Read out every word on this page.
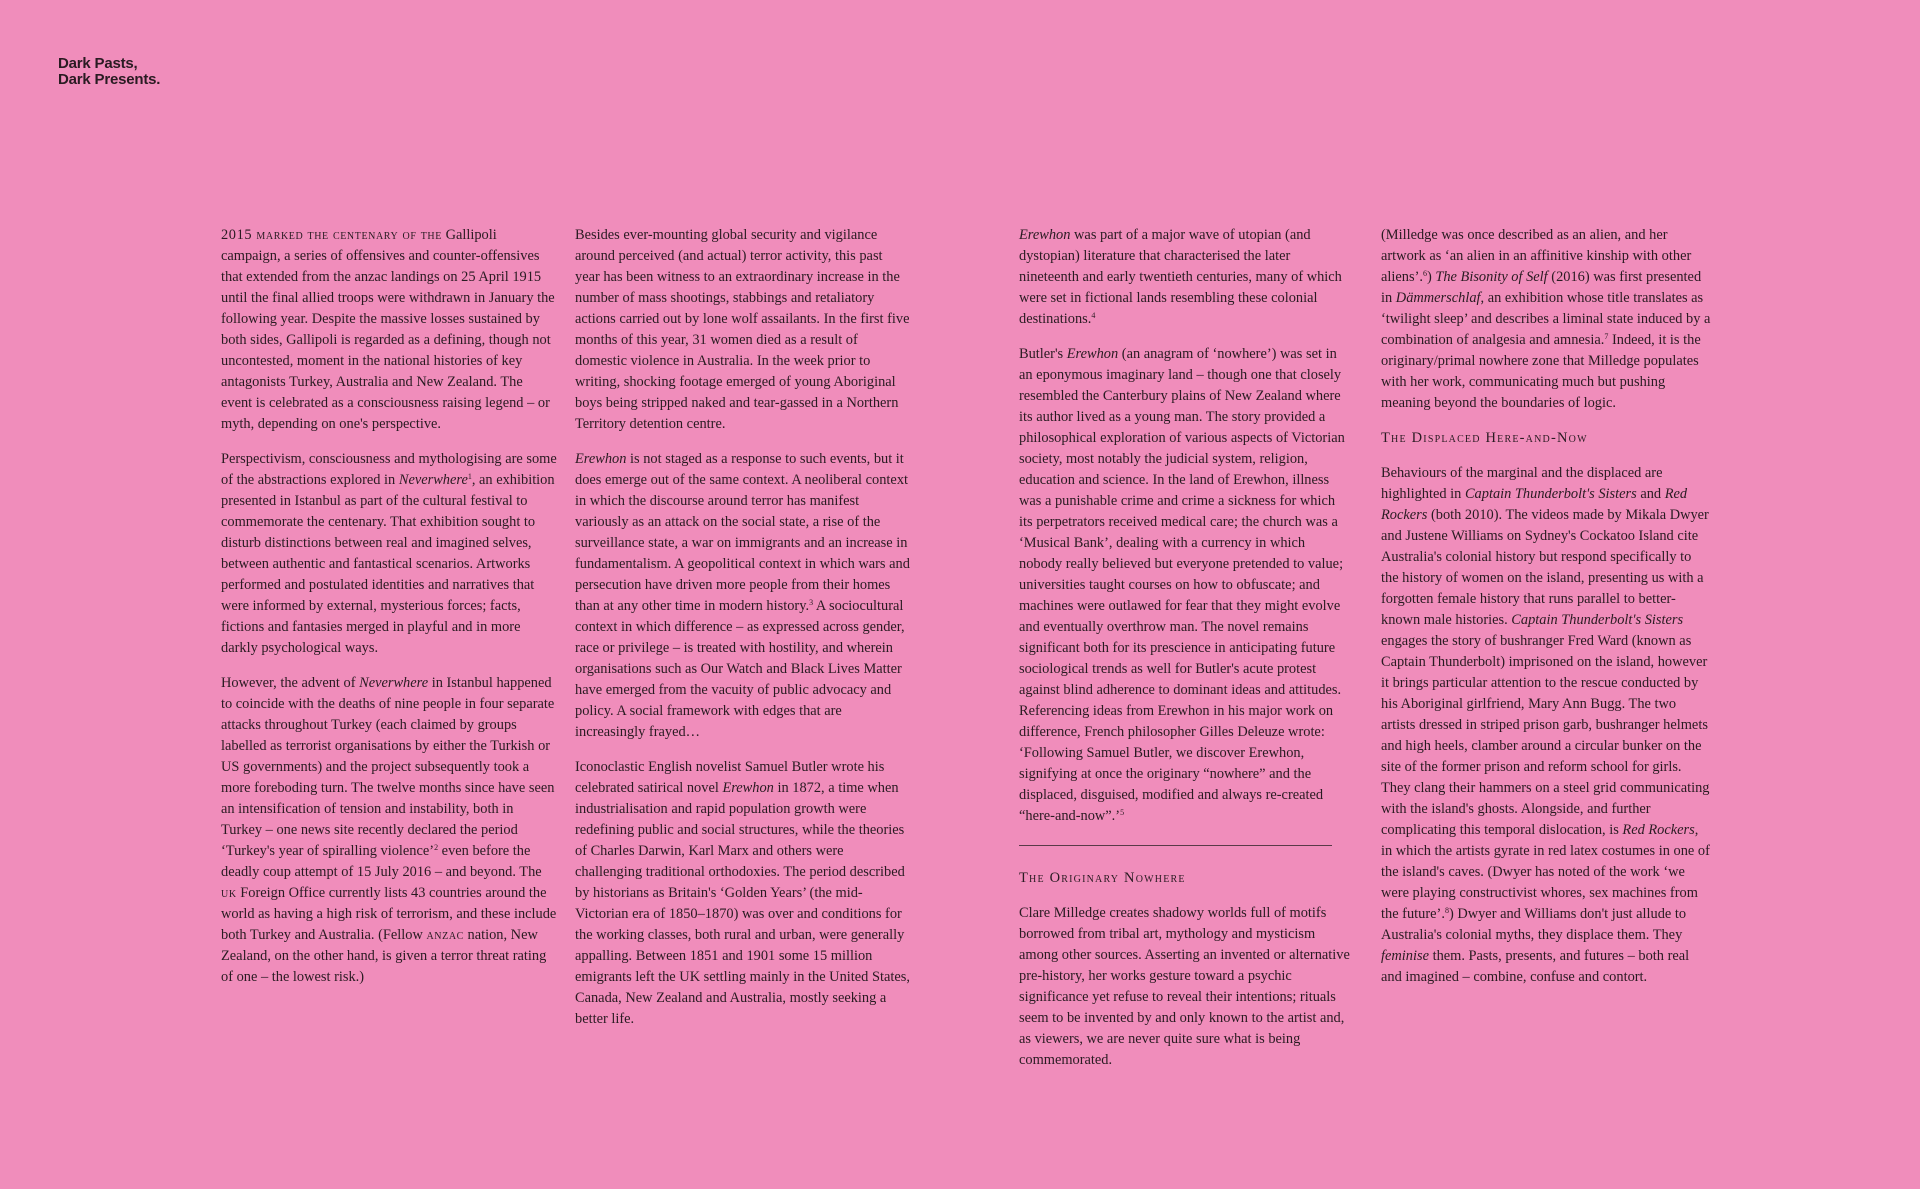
Dark Pasts,
Dark Presents.

2015 marked the centenary of the Gallipoli campaign, a series of offensives and counter-offensives that extended from the anzac landings on 25 April 1915 until the final allied troops were withdrawn in January the following year. Despite the massive losses sustained by both sides, Gallipoli is regarded as a defining, though not uncontested, moment in the national histories of key antagonists Turkey, Australia and New Zealand. The event is celebrated as a consciousness raising legend – or myth, depending on one's perspective.

Perspectivism, consciousness and mythologising are some of the abstractions explored in Neverwhere$^1$, an exhibition presented in Istanbul as part of the cultural festival to commemorate the centenary. That exhibition sought to disturb distinctions between real and imagined selves, between authentic and fantastical scenarios. Artworks performed and postulated identities and narratives that were informed by external, mysterious forces; facts, fictions and fantasies merged in playful and in more darkly psychological ways.

However, the advent of Neverwhere in Istanbul happened to coincide with the deaths of nine people in four separate attacks throughout Turkey (each claimed by groups labelled as terrorist organisations by either the Turkish or US governments) and the project subsequently took a more foreboding turn. The twelve months since have seen an intensification of tension and instability, both in Turkey – one news site recently declared the period ‘Turkey's year of spiralling violence’$^2$ even before the deadly coup attempt of 15 July 2016 – and beyond. The uk Foreign Office currently lists 43 countries around the world as having a high risk of terrorism, and these include both Turkey and Australia. (Fellow anzac nation, New Zealand, on the other hand, is given a terror threat rating of one – the lowest risk.)

Besides ever-mounting global security and vigilance around perceived (and actual) terror activity, this past year has been witness to an extraordinary increase in the number of mass shootings, stabbings and retaliatory actions carried out by lone wolf assailants. In the first five months of this year, 31 women died as a result of domestic violence in Australia. In the week prior to writing, shocking footage emerged of young Aboriginal boys being stripped naked and tear-gassed in a Northern Territory detention centre.

Erewhon is not staged as a response to such events, but it does emerge out of the same context. A neoliberal context in which the discourse around terror has manifest variously as an attack on the social state, a rise of the surveillance state, a war on immigrants and an increase in fundamentalism. A geopolitical context in which wars and persecution have driven more people from their homes than at any other time in modern history.$^3$ A sociocultural context in which difference – as expressed across gender, race or privilege – is treated with hostility, and wherein organisations such as Our Watch and Black Lives Matter have emerged from the vacuity of public advocacy and policy. A social framework with edges that are increasingly frayed…

Iconoclastic English novelist Samuel Butler wrote his celebrated satirical novel Erewhon in 1872, a time when industrialisation and rapid population growth were redefining public and social structures, while the theories of Charles Darwin, Karl Marx and others were challenging traditional orthodoxies. The period described by historians as Britain's ‘Golden Years’ (the mid-Victorian era of 1850–1870) was over and conditions for the working classes, both rural and urban, were generally appalling. Between 1851 and 1901 some 15 million emigrants left the UK settling mainly in the United States, Canada, New Zealand and Australia, mostly seeking a better life.

Erewhon was part of a major wave of utopian (and dystopian) literature that characterised the later nineteenth and early twentieth centuries, many of which were set in fictional lands resembling these colonial destinations.$^4$

Butler's Erewhon (an anagram of ‘nowhere’) was set in an eponymous imaginary land – though one that closely resembled the Canterbury plains of New Zealand where its author lived as a young man. The story provided a philosophical exploration of various aspects of Victorian society, most notably the judicial system, religion, education and science. In the land of Erewhon, illness was a punishable crime and crime a sickness for which its perpetrators received medical care; the church was a ‘Musical Bank’, dealing with a currency in which nobody really believed but everyone pretended to value; universities taught courses on how to obfuscate; and machines were outlawed for fear that they might evolve and eventually overthrow man. The novel remains significant both for its prescience in anticipating future sociological trends as well for Butler's acute protest against blind adherence to dominant ideas and attitudes. Referencing ideas from Erewhon in his major work on difference, French philosopher Gilles Deleuze wrote: ‘Following Samuel Butler, we discover Erewhon, signifying at once the originary “nowhere” and the displaced, disguised, modified and always re-created “here-and-now”.’$^5$

The Originary Nowhere

Clare Milledge creates shadowy worlds full of motifs borrowed from tribal art, mythology and mysticism among other sources. Asserting an invented or alternative pre-history, her works gesture toward a psychic significance yet refuse to reveal their intentions; rituals seem to be invented by and only known to the artist and, as viewers, we are never quite sure what is being commemorated.

(Milledge was once described as an alien, and her artwork as ‘an alien in an affinitive kinship with other aliens’.$^6$) The Bisonity of Self (2016) was first presented in Dämmerschlaf, an exhibition whose title translates as ‘twilight sleep’ and describes a liminal state induced by a combination of analgesia and amnesia.$^7$ Indeed, it is the originary/primal nowhere zone that Milledge populates with her work, communicating much but pushing meaning beyond the boundaries of logic.

The Displaced Here-and-Now

Behaviours of the marginal and the displaced are highlighted in Captain Thunderbolt's Sisters and Red Rockers (both 2010). The videos made by Mikala Dwyer and Justene Williams on Sydney's Cockatoo Island cite Australia's colonial history but respond specifically to the history of women on the island, presenting us with a forgotten female history that runs parallel to better-known male histories. Captain Thunderbolt's Sisters engages the story of bushranger Fred Ward (known as Captain Thunderbolt) imprisoned on the island, however it brings particular attention to the rescue conducted by his Aboriginal girlfriend, Mary Ann Bugg. The two artists dressed in striped prison garb, bushranger helmets and high heels, clamber around a circular bunker on the site of the former prison and reform school for girls. They clang their hammers on a steel grid communicating with the island's ghosts. Alongside, and further complicating this temporal dislocation, is Red Rockers, in which the artists gyrate in red latex costumes in one of the island's caves. (Dwyer has noted of the work ‘we were playing constructivist whores, sex machines from the future’.$^8$) Dwyer and Williams don't just allude to Australia's colonial myths, they displace them. They feminise them. Pasts, presents, and futures – both real and imagined – combine, confuse and contort.
